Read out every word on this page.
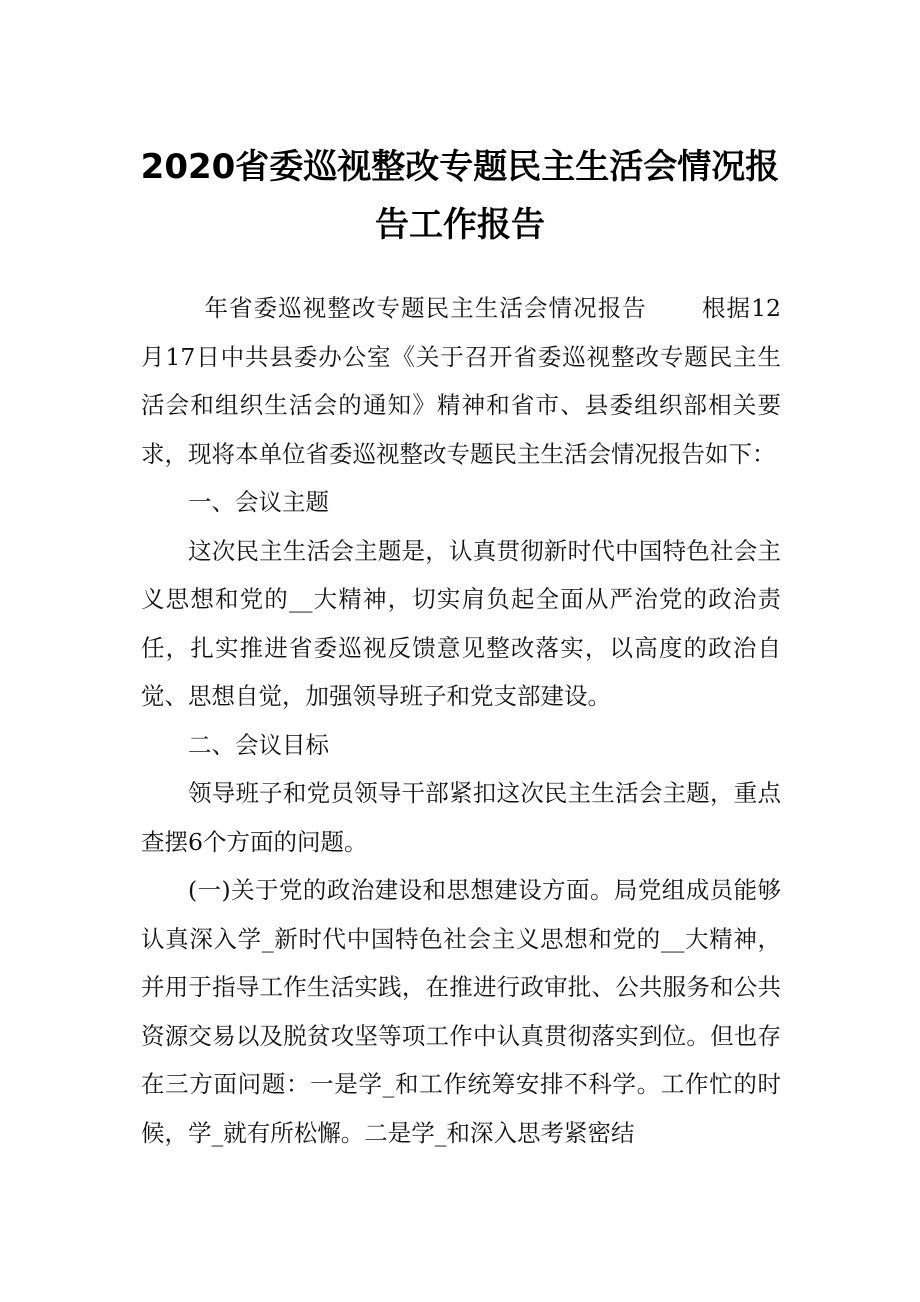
2020省委巡视整改专题民主生活会情况报
告工作报告

年省委巡视整改专题民主生活会情况报告 根据12月17日中共县委办公室《关于召开省委巡视整改专题民主生活会和组织生活会的通知》精神和省市、县委组织部相关要求，现将本单位省委巡视整改专题民主生活会情况报告如下：

一、会议主题

这次民主生活会主题是，认真贯彻新时代中国特色社会主义思想和党的__大精神，切实肩负起全面从严治党的政治责任，扎实推进省委巡视反馈意见整改落实，以高度的政治自觉、思想自觉，加强领导班子和党支部建设。

二、会议目标

领导班子和党员领导干部紧扣这次民主生活会主题，重点查摆6个方面的问题。

(一)关于党的政治建设和思想建设方面。局党组成员能够认真深入学_新时代中国特色社会主义思想和党的__大精神，并用于指导工作生活实践，在推进行政审批、公共服务和公共资源交易以及脱贫攻坚等项工作中认真贯彻落实到位。但也存在三方面问题：一是学_和工作统筹安排不科学。工作忙的时候，学_就有所松懈。二是学_和深入思考紧密结
